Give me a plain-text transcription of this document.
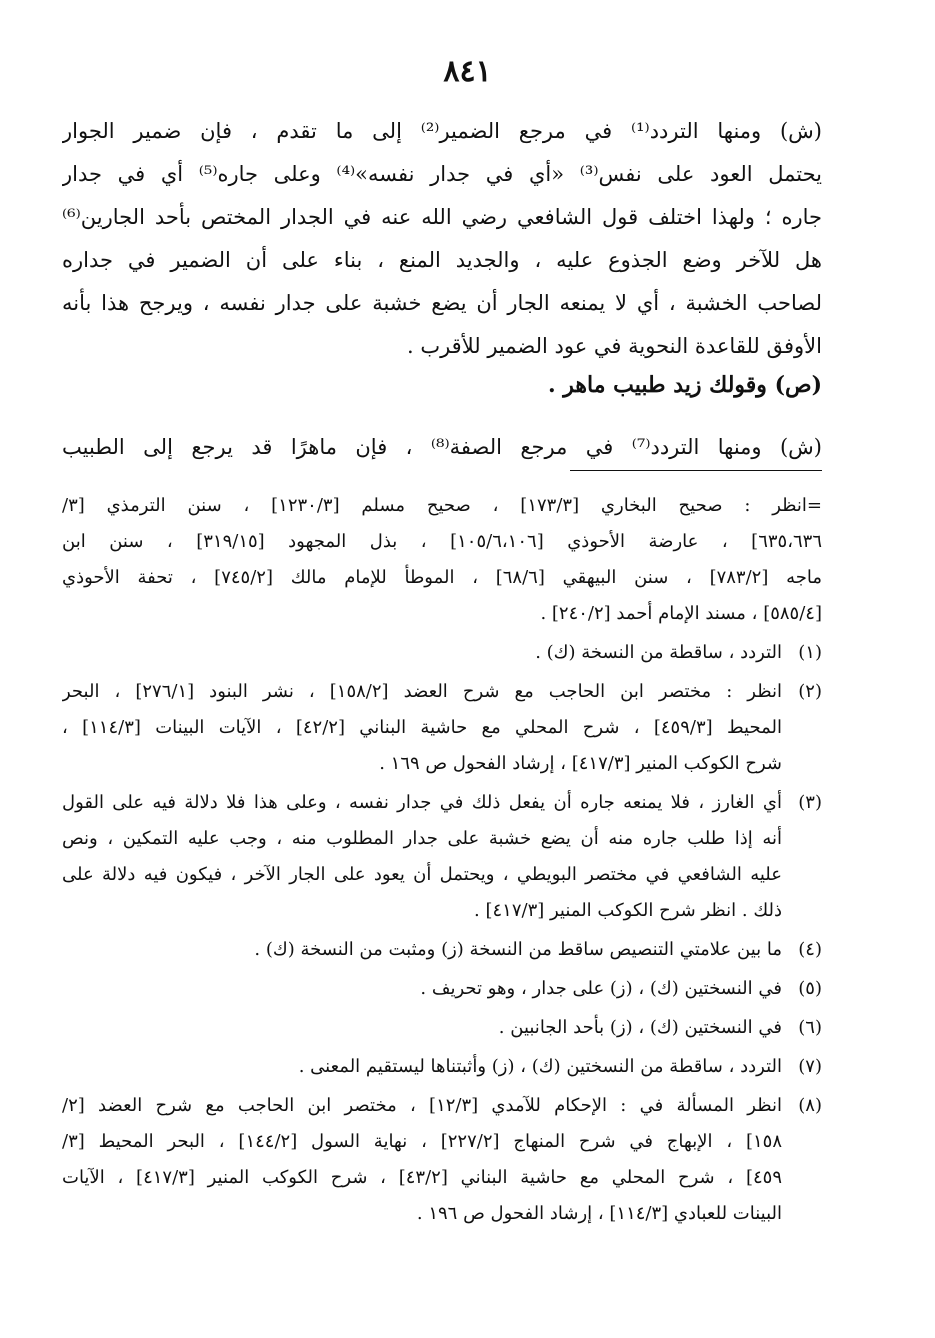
٨٤١
(ش) ومنها التردد⁽¹⁾ في مرجع الضمير⁽²⁾ إلى ما تقدم ، فإن ضمير الجوار
يحتمل العود على نفس⁽³⁾ «أي في جدار نفسه»⁽⁴⁾ وعلى جاره⁽⁵⁾ أي في جدار
جاره ؛ ولهذا اختلف قول الشافعي رضي الله عنه في الجدار المختص بأحد الجارين⁽⁶⁾
هل للآخر وضع الجذوع عليه ، والجديد المنع ، بناء على أن الضمير في جداره
لصاحب الخشبة ، أي لا يمنعه الجار أن يضع خشبة على جدار نفسه ، ويرجح هذا بأنه
الأوفق للقاعدة النحوية في عود الضمير للأقرب .
(ص) وقولك زيد طبيب ماهر .
(ش) ومنها التردد⁽⁷⁾ في مرجع الصفة⁽⁸⁾ ، فإن ماهرًا قد يرجع إلى الطبيب
=انظر : صحيح البخاري [١٧٣/٣] ، صحيح مسلم [١٢٣٠/٣] ، سنن الترمذي [٣/
٦٣٥،٦٣٦] ، عارضة الأحوذي [١٠٥/٦،١٠٦] ، بذل المجهود [٣١٩/١٥] ، سنن ابن
ماجه [٧٨٣/٢] ، سنن البيهقي [٦٨/٦] ، الموطأ للإمام مالك [٧٤٥/٢] ، تحفة الأحوذي
[٥٨٥/٤] ، مسند الإمام أحمد [٢٤٠/٢] .
(١)
التردد ، ساقطة من النسخة (ك) .
(٢)
انظر : مختصر ابن الحاجب مع شرح العضد [١٥٨/٢] ، نشر البنود [٢٧٦/١] ، البحر
المحيط [٤٥٩/٣] ، شرح المحلي مع حاشية البناني [٤٢/٢] ، الآيات البينات [١١٤/٣] ،
شرح الكوكب المنير [٤١٧/٣] ، إرشاد الفحول ص ١٦٩ .
(٣)
أي الغارز ، فلا يمنعه جاره أن يفعل ذلك في جدار نفسه ، وعلى هذا فلا دلالة فيه على القول
أنه إذا طلب جاره منه أن يضع خشبة على جدار المطلوب منه ، وجب عليه التمكين ، ونص
عليه الشافعي في مختصر البويطي ، ويحتمل أن يعود على الجار الآخر ، فيكون فيه دلالة على
ذلك . انظر شرح الكوكب المنير [٤١٧/٣] .
(٤)
ما بين علامتي التنصيص ساقط من النسخة (ز) ومثبت من النسخة (ك) .
(٥)
في النسختين (ك) ، (ز) على جدار ، وهو تحريف .
(٦)
في النسختين (ك) ، (ز) بأحد الجانبين .
(٧)
التردد ، ساقطة من النسختين (ك) ، (ز) وأثبتناها ليستقيم المعنى .
(٨)
انظر المسألة في : الإحكام للآمدي [١٢/٣] ، مختصر ابن الحاجب مع شرح العضد [٢/
١٥٨] ، الإبهاج في شرح المنهاج [٢٢٧/٢] ، نهاية السول [١٤٤/٢] ، البحر المحيط [٣/
٤٥٩] ، شرح المحلي مع حاشية البناني [٤٣/٢] ، شرح الكوكب المنير [٤١٧/٣] ، الآيات
البينات للعبادي [١١٤/٣] ، إرشاد الفحول ص ١٩٦ .
